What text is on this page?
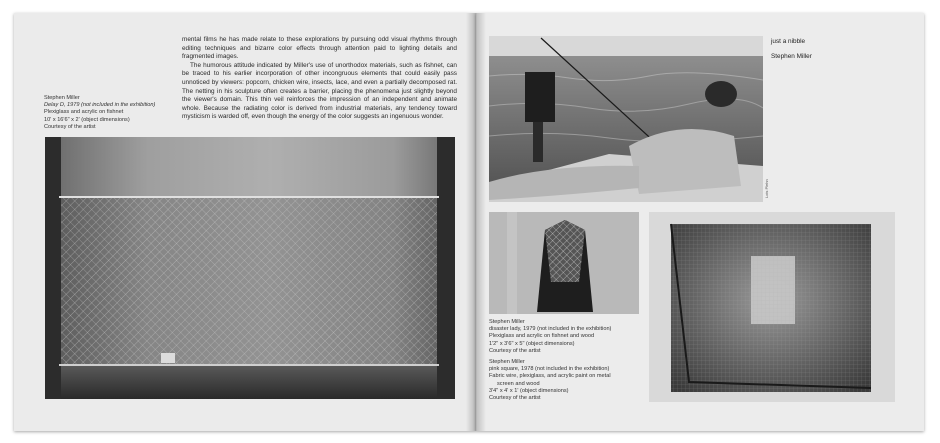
mental films he has made relate to these explorations by pursuing odd visual rhythms through editing techniques and bizarre color effects through attention paid to lighting details and fragmented images.

The humorous attitude indicated by Miller's use of unorthodox materials, such as fishnet, can be traced to his earlier incorporation of other incongruous elements that could easily pass unnoticed by viewers: popcorn, chicken wire, insects, lace, and even a partially decomposed rat. The netting in his sculpture often creates a barrier, placing the phenomena just slightly beyond the viewer's domain. This thin veil reinforces the impression of an independent and animate whole. Because the radiating color is derived from industrial materials, any tendency toward mysticism is warded off, even though the energy of the color suggests an ingenuous wonder.

Stephen Miller
Delay D, 1979 (not included in the exhibition)
Plexiglass and acrylic on fishnet
10' x 16'6" x 2' (object dimensions)
Courtesy of the artist
Lois Plehn
just a nibble
Stephen Miller
Stephen Miller
disaster lady, 1979 (not included in the exhibition)
Plexiglass and acrylic on fishnet and wood
1'2" x 3'6" x 5" (object dimensions)
Courtesy of the artist
Stephen Miller
pink square, 1978 (not included in the exhibition)
Fabric wire, plexiglass, and acrylic paint on metal
screen and wood
3'4" x 4' x 1' (object dimensions)
Courtesy of the artist
